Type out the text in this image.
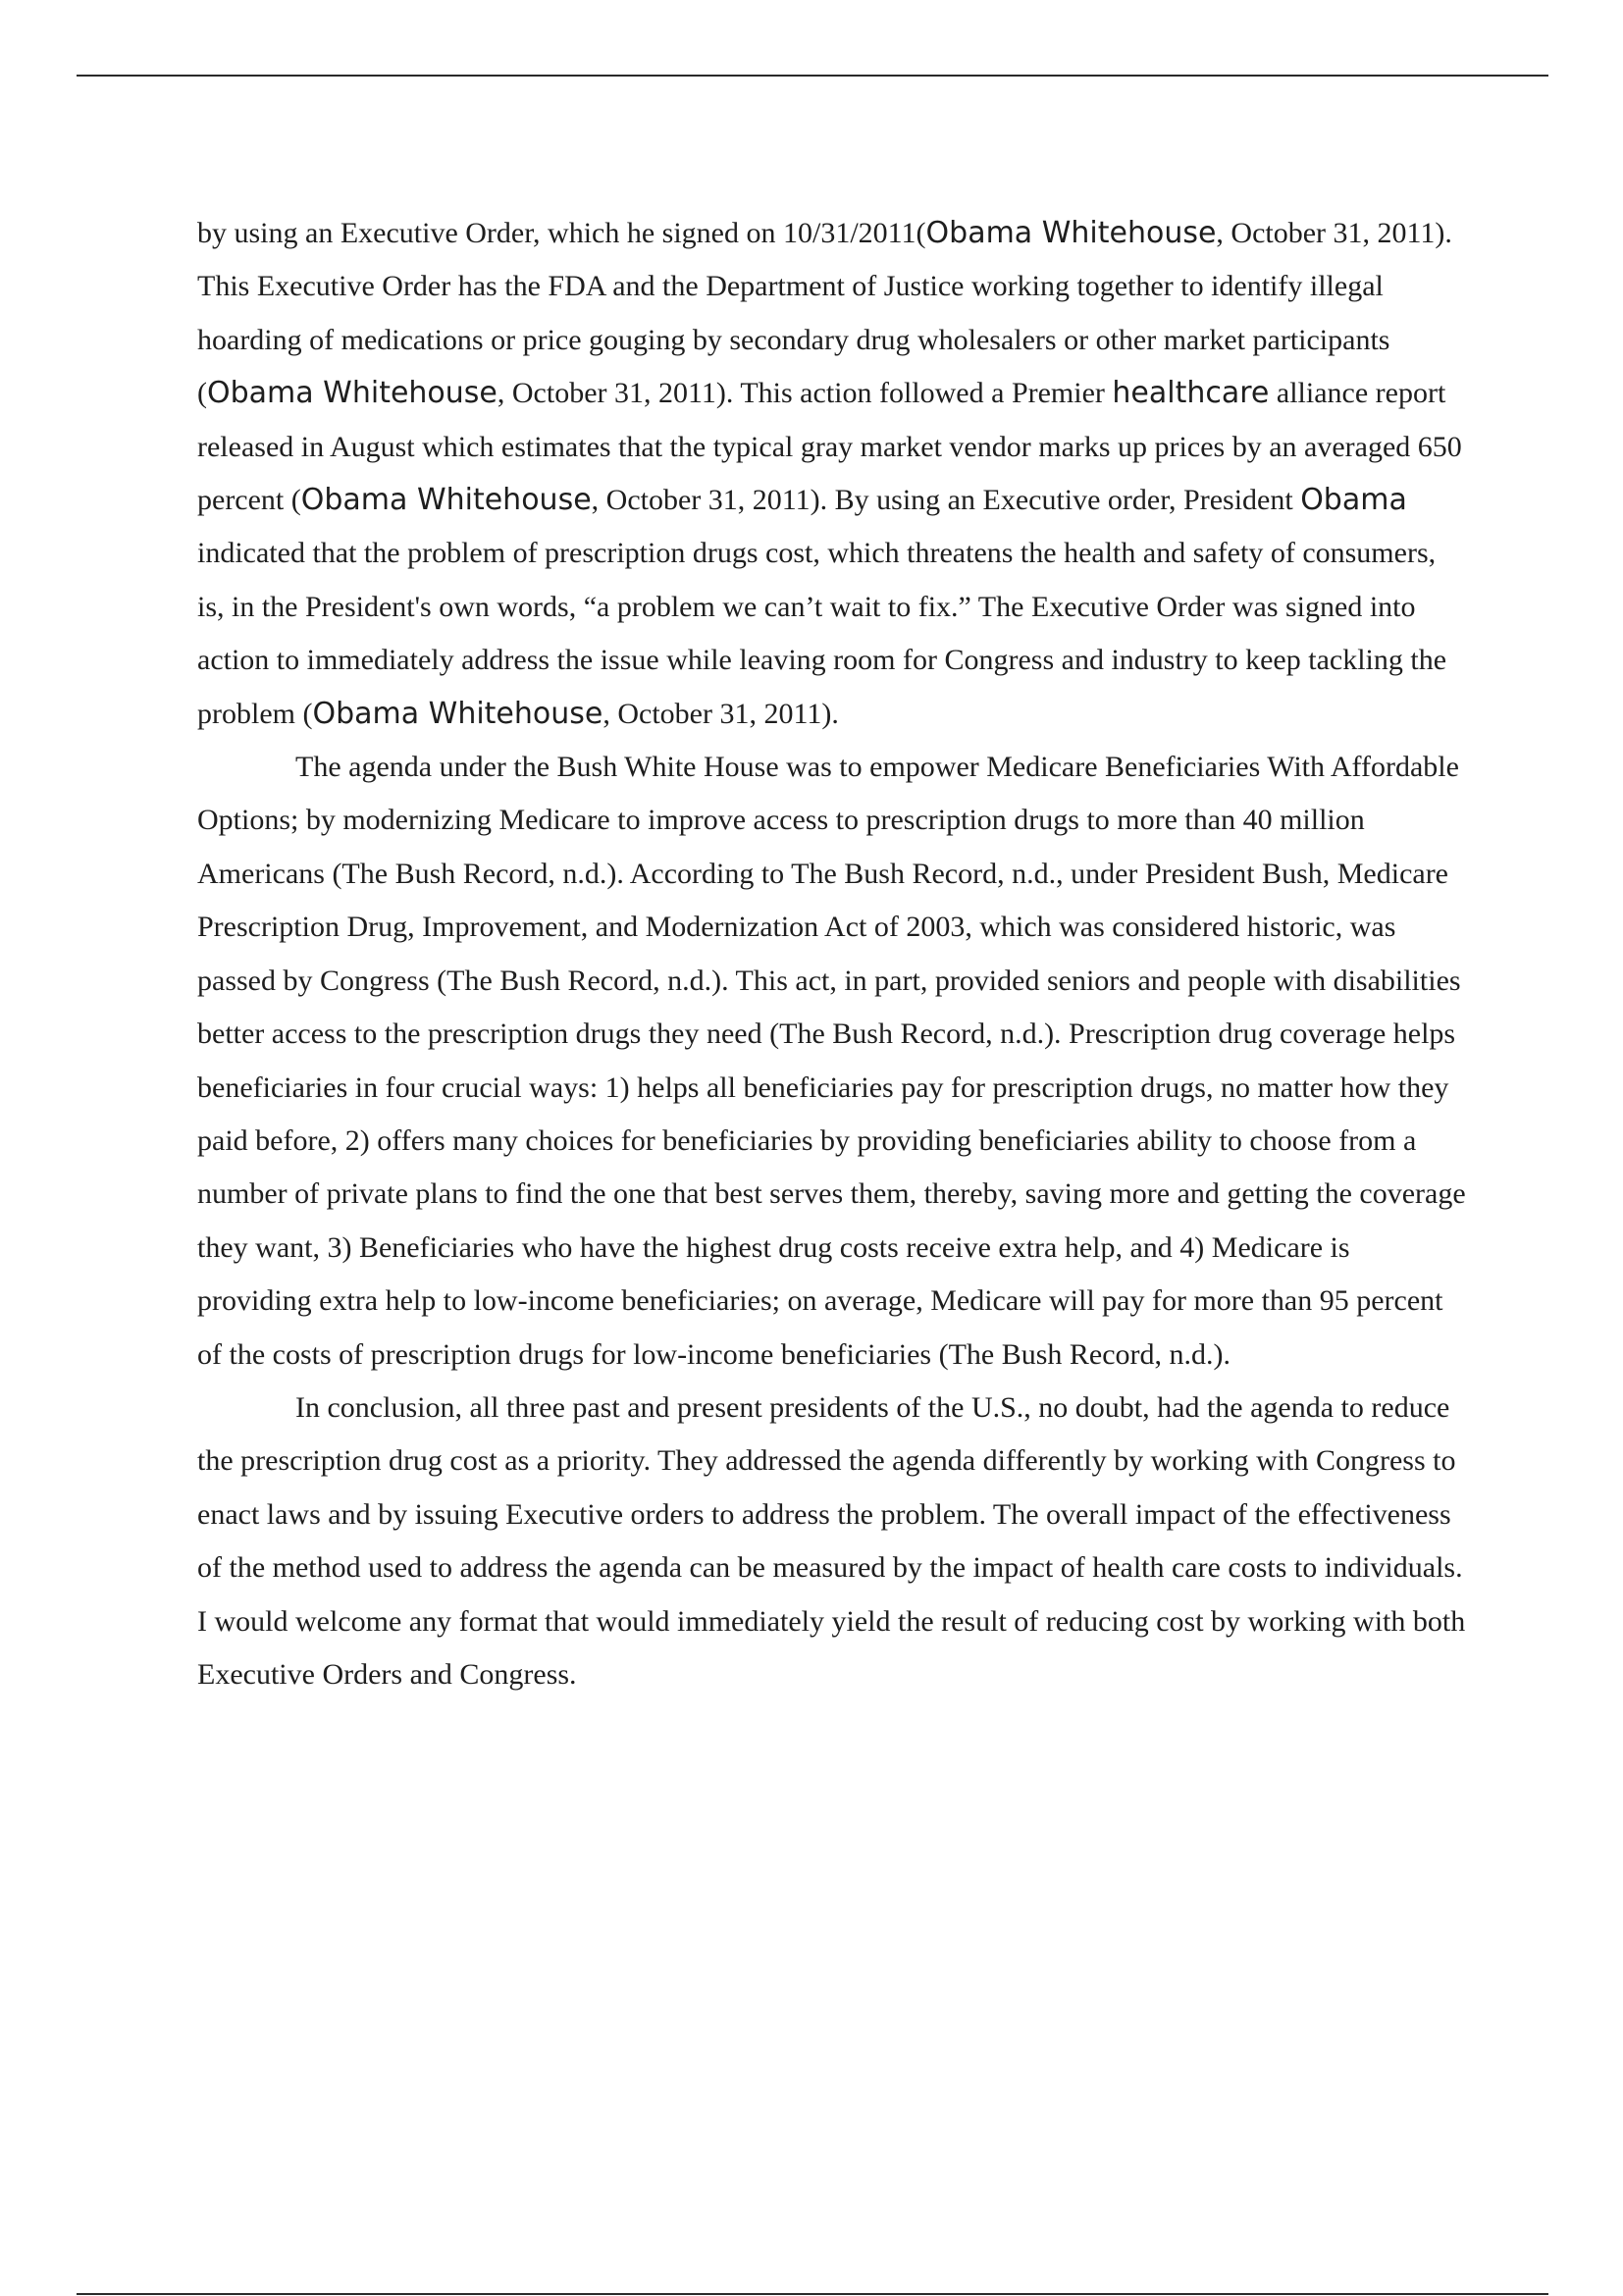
by using an Executive Order, which he signed on 10/31/2011(Obama Whitehouse, October 31, 2011). This Executive Order has the FDA and the Department of Justice working together to identify illegal hoarding of medications or price gouging by secondary drug wholesalers or other market participants (Obama Whitehouse, October 31, 2011). This action followed a Premier healthcare alliance report released in August which estimates that the typical gray market vendor marks up prices by an averaged 650 percent (Obama Whitehouse, October 31, 2011). By using an Executive order, President Obama indicated that the problem of prescription drugs cost, which threatens the health and safety of consumers, is, in the President's own words, “a problem we can’t wait to fix.” The Executive Order was signed into action to immediately address the issue while leaving room for Congress and industry to keep tackling the problem (Obama Whitehouse, October 31, 2011).

The agenda under the Bush White House was to empower Medicare Beneficiaries With Affordable Options; by modernizing Medicare to improve access to prescription drugs to more than 40 million Americans (The Bush Record, n.d.). According to The Bush Record, n.d., under President Bush, Medicare Prescription Drug, Improvement, and Modernization Act of 2003, which was considered historic, was passed by Congress (The Bush Record, n.d.). This act, in part, provided seniors and people with disabilities better access to the prescription drugs they need (The Bush Record, n.d.). Prescription drug coverage helps beneficiaries in four crucial ways: 1) helps all beneficiaries pay for prescription drugs, no matter how they paid before, 2) offers many choices for beneficiaries by providing beneficiaries ability to choose from a number of private plans to find the one that best serves them, thereby, saving more and getting the coverage they want, 3) Beneficiaries who have the highest drug costs receive extra help, and 4) Medicare is providing extra help to low-income beneficiaries; on average, Medicare will pay for more than 95 percent of the costs of prescription drugs for low-income beneficiaries (The Bush Record, n.d.).

In conclusion, all three past and present presidents of the U.S., no doubt, had the agenda to reduce the prescription drug cost as a priority. They addressed the agenda differently by working with Congress to enact laws and by issuing Executive orders to address the problem. The overall impact of the effectiveness of the method used to address the agenda can be measured by the impact of health care costs to individuals. I would welcome any format that would immediately yield the result of reducing cost by working with both Executive Orders and Congress.
